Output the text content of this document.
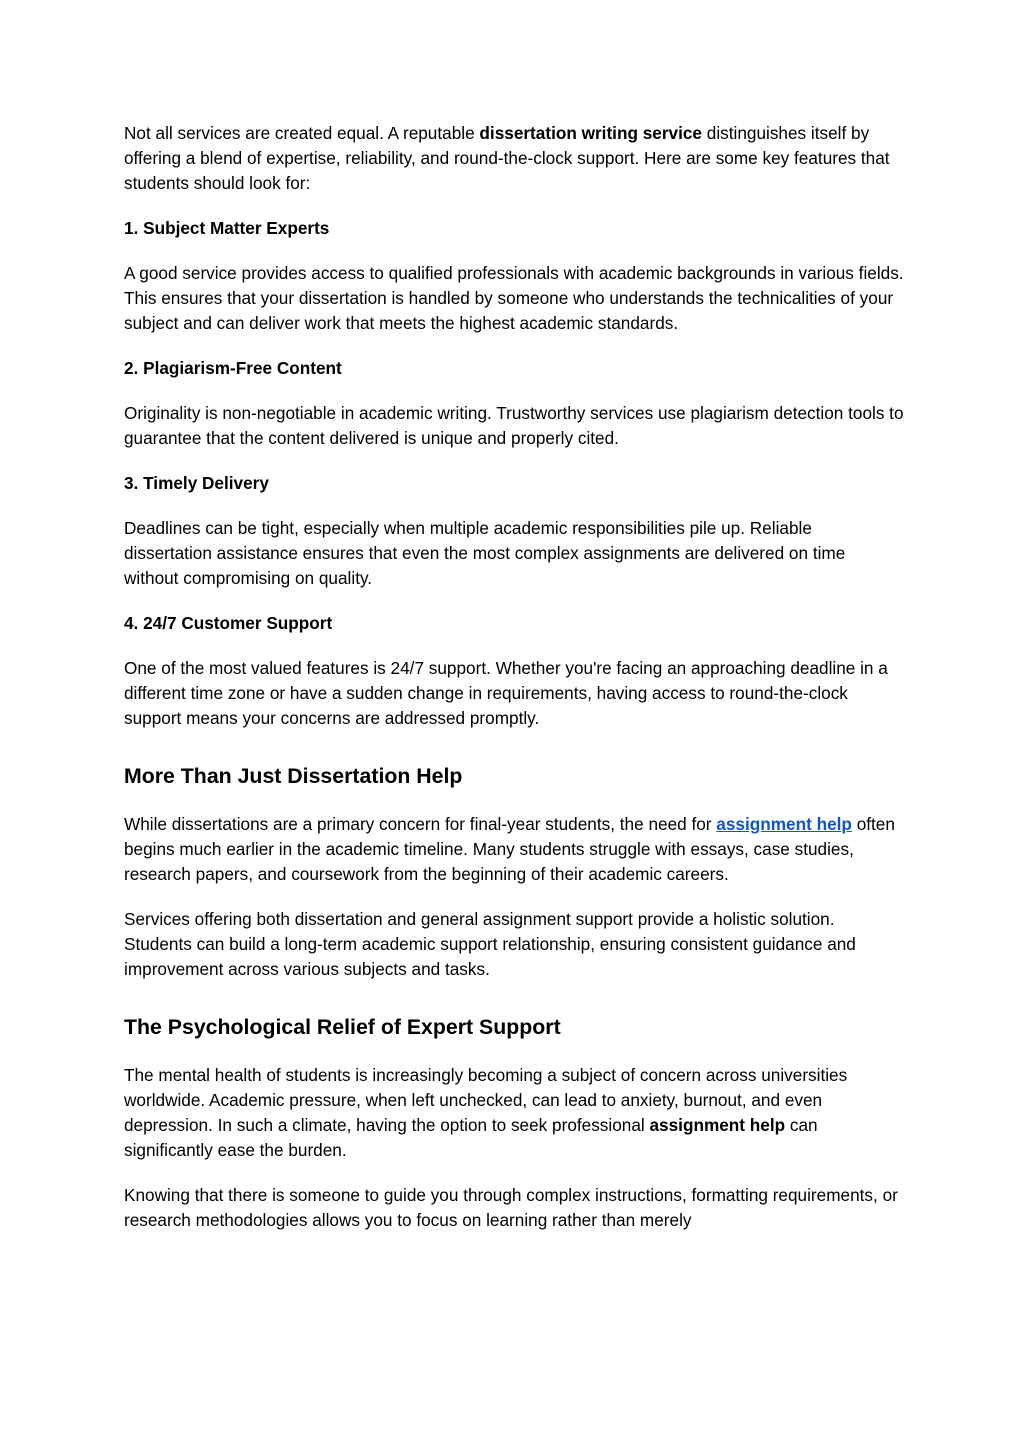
Not all services are created equal. A reputable dissertation writing service distinguishes itself by offering a blend of expertise, reliability, and round-the-clock support. Here are some key features that students should look for:

1. Subject Matter Experts

A good service provides access to qualified professionals with academic backgrounds in various fields. This ensures that your dissertation is handled by someone who understands the technicalities of your subject and can deliver work that meets the highest academic standards.

2. Plagiarism-Free Content

Originality is non-negotiable in academic writing. Trustworthy services use plagiarism detection tools to guarantee that the content delivered is unique and properly cited.

3. Timely Delivery

Deadlines can be tight, especially when multiple academic responsibilities pile up. Reliable dissertation assistance ensures that even the most complex assignments are delivered on time without compromising on quality.

4. 24/7 Customer Support

One of the most valued features is 24/7 support. Whether you're facing an approaching deadline in a different time zone or have a sudden change in requirements, having access to round-the-clock support means your concerns are addressed promptly.

More Than Just Dissertation Help

While dissertations are a primary concern for final-year students, the need for assignment help often begins much earlier in the academic timeline. Many students struggle with essays, case studies, research papers, and coursework from the beginning of their academic careers.

Services offering both dissertation and general assignment support provide a holistic solution. Students can build a long-term academic support relationship, ensuring consistent guidance and improvement across various subjects and tasks.

The Psychological Relief of Expert Support

The mental health of students is increasingly becoming a subject of concern across universities worldwide. Academic pressure, when left unchecked, can lead to anxiety, burnout, and even depression. In such a climate, having the option to seek professional assignment help can significantly ease the burden.

Knowing that there is someone to guide you through complex instructions, formatting requirements, or research methodologies allows you to focus on learning rather than merely
